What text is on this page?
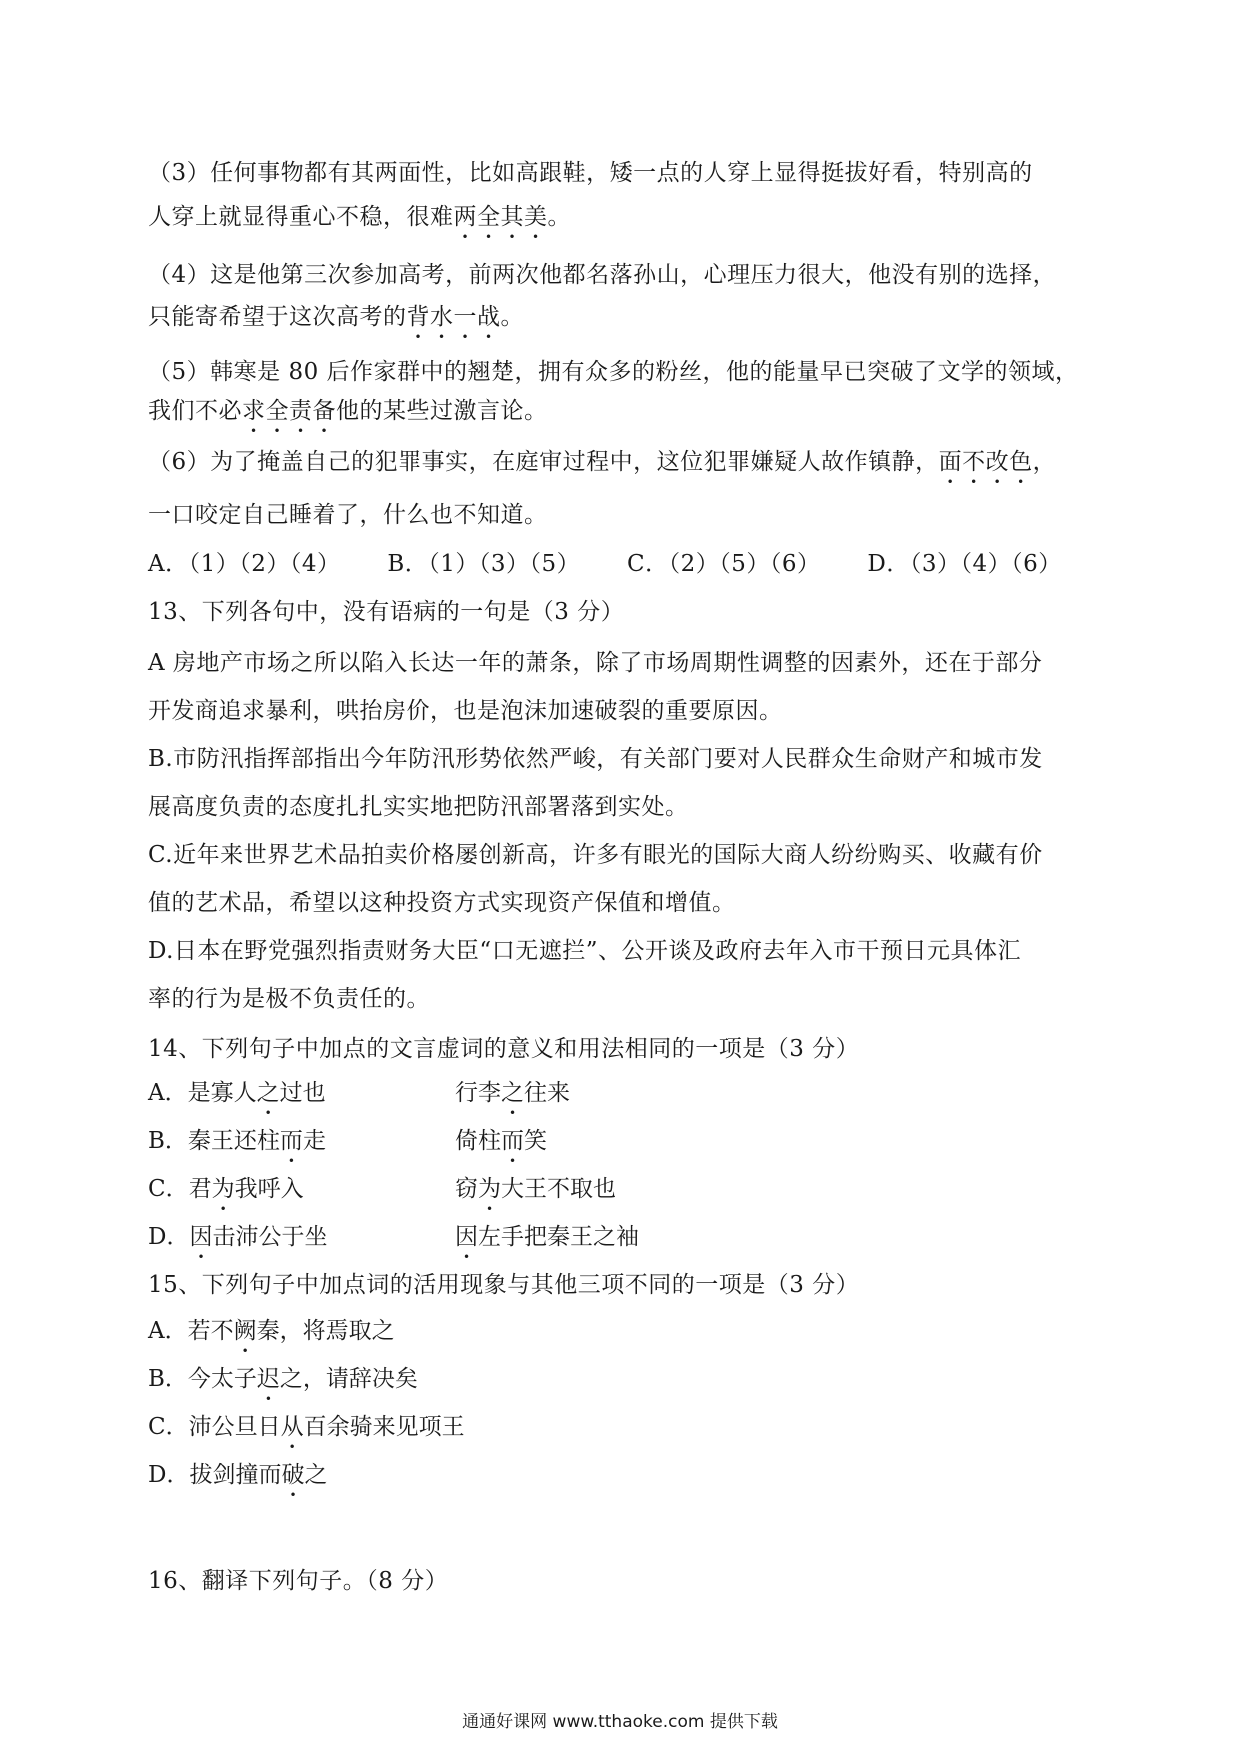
（3）任何事物都有其两面性，比如高跟鞋，矮一点的人穿上显得挺拔好看，特别高的
人穿上就显得重心不稳，很难两全其美。
（4）这是他第三次参加高考，前两次他都名落孙山，心理压力很大，他没有别的选择，
只能寄希望于这次高考的背水一战。
（5）韩寒是 80 后作家群中的翘楚，拥有众多的粉丝，他的能量早已突破了文学的领域，
我们不必求全责备他的某些过激言论。
（6）为了掩盖自己的犯罪事实，在庭审过程中，这位犯罪嫌疑人故作镇静，面不改色，
一口咬定自己睡着了，什么也不知道。
A．（1）（2）（4）      B．（1）（3）（5）      C．（2）（5）（6）      D．（3）（4）（6）
13、下列各句中，没有语病的一句是（3 分）
A 房地产市场之所以陷入长达一年的萧条，除了市场周期性调整的因素外，还在于部分
开发商追求暴利，哄抬房价，也是泡沫加速破裂的重要原因。
B.市防汛指挥部指出今年防汛形势依然严峻，有关部门要对人民群众生命财产和城市发
展高度负责的态度扎扎实实地把防汛部署落到实处。
C.近年来世界艺术品拍卖价格屡创新高，许多有眼光的国际大商人纷纷购买、收藏有价
值的艺术品，希望以这种投资方式实现资产保值和增值。
D.日本在野党强烈指责财务大臣“口无遮拦”、公开谈及政府去年入市干预日元具体汇
率的行为是极不负责任的。
14、下列句子中加点的文言虚词的意义和用法相同的一项是（3 分）
A．是寡人之过也	行李之往来
B．秦王还柱而走	倚柱而笑
C．君为我呼入	窃为大王不取也
D．因击沛公于坐	因左手把秦王之袖
15、下列句子中加点词的活用现象与其他三项不同的一项是（3 分）
A．若不阙秦，将焉取之
B．今太子迟之，请辞决矣
C．沛公旦日从百余骑来见项王
D．拔剑撞而破之
16、翻译下列句子。（8 分）
通通好课网 www.tthaoke.com 提供下载
